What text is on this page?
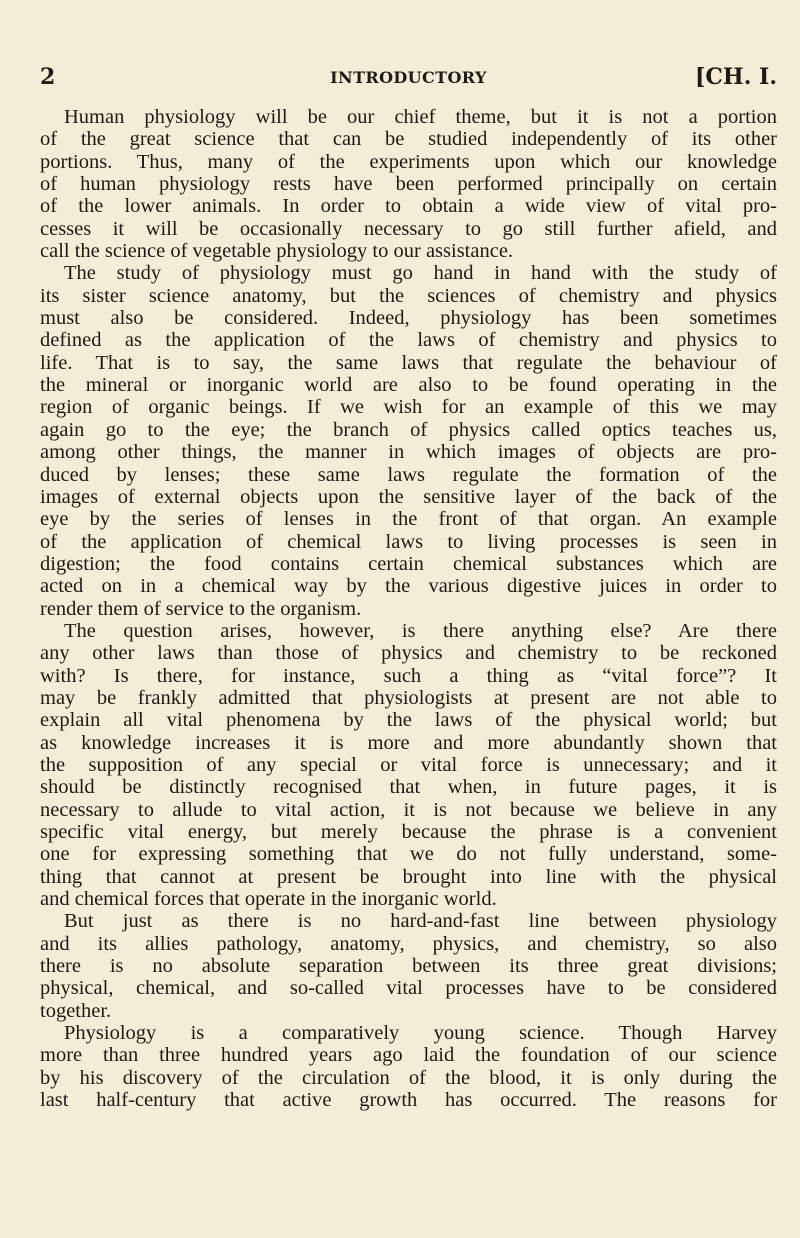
2	INTRODUCTORY	[CH. I.
Human physiology will be our chief theme, but it is not a portion
of the great science that can be studied independently of its other
portions. Thus, many of the experiments upon which our knowledge
of human physiology rests have been performed principally on certain
of the lower animals. In order to obtain a wide view of vital pro-
cesses it will be occasionally necessary to go still further afield, and
call the science of vegetable physiology to our assistance.
The study of physiology must go hand in hand with the study of
its sister science anatomy, but the sciences of chemistry and physics
must also be considered. Indeed, physiology has been sometimes
defined as the application of the laws of chemistry and physics to
life. That is to say, the same laws that regulate the behaviour of
the mineral or inorganic world are also to be found operating in the
region of organic beings. If we wish for an example of this we may
again go to the eye; the branch of physics called optics teaches us,
among other things, the manner in which images of objects are pro-
duced by lenses; these same laws regulate the formation of the
images of external objects upon the sensitive layer of the back of the
eye by the series of lenses in the front of that organ. An example
of the application of chemical laws to living processes is seen in
digestion; the food contains certain chemical substances which are
acted on in a chemical way by the various digestive juices in order to
render them of service to the organism.
The question arises, however, is there anything else? Are there
any other laws than those of physics and chemistry to be reckoned
with? Is there, for instance, such a thing as “vital force”? It
may be frankly admitted that physiologists at present are not able to
explain all vital phenomena by the laws of the physical world; but
as knowledge increases it is more and more abundantly shown that
the supposition of any special or vital force is unnecessary; and it
should be distinctly recognised that when, in future pages, it is
necessary to allude to vital action, it is not because we believe in any
specific vital energy, but merely because the phrase is a convenient
one for expressing something that we do not fully understand, some-
thing that cannot at present be brought into line with the physical
and chemical forces that operate in the inorganic world.
But just as there is no hard-and-fast line between physiology
and its allies pathology, anatomy, physics, and chemistry, so also
there is no absolute separation between its three great divisions;
physical, chemical, and so-called vital processes have to be considered
together.
Physiology is a comparatively young science. Though Harvey
more than three hundred years ago laid the foundation of our science
by his discovery of the circulation of the blood, it is only during the
last half-century that active growth has occurred. The reasons for
